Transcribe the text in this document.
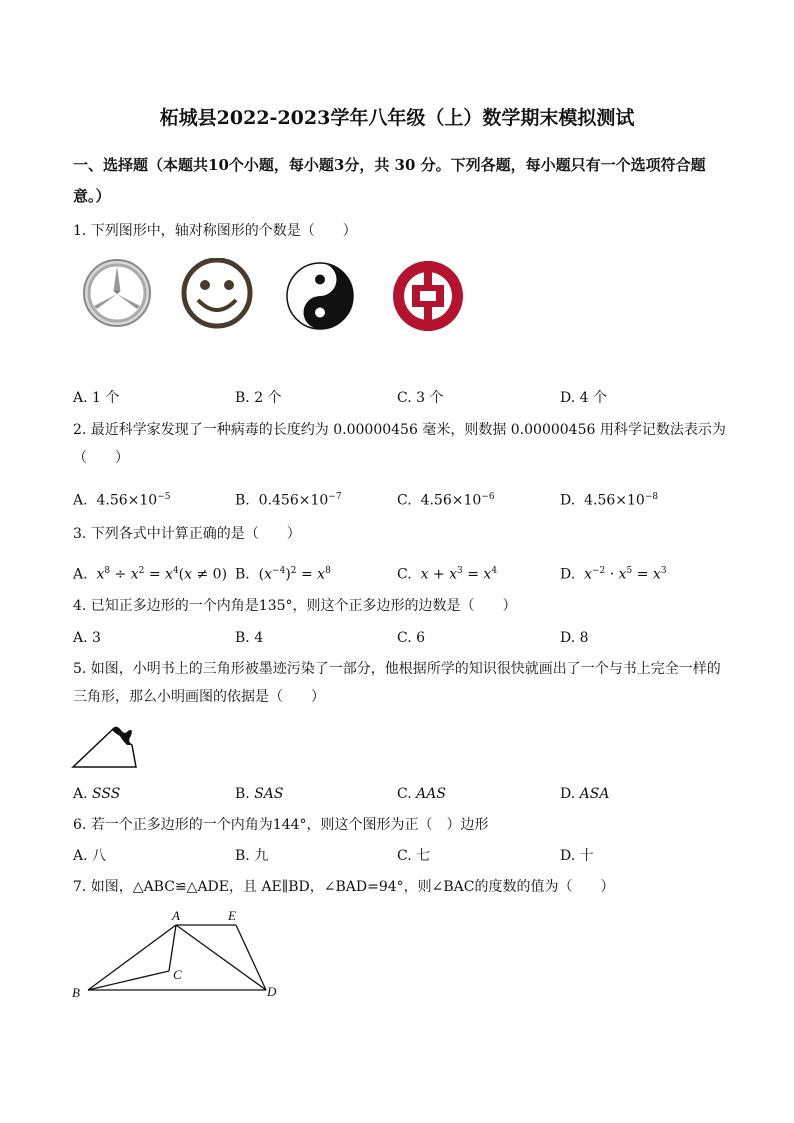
柘城县2022-2023学年八年级（上）数学期末模拟测试
一、选择题（本题共10个小题，每小题3分，共 30 分。下列各题，每小题只有一个选项符合题意。）
1. 下列图形中，轴对称图形的个数是（　　）
A. 1 个	B. 2 个	C. 3 个	D. 4 个
2. 最近科学家发现了一种病毒的长度约为 0.00000456 毫米，则数据 0.00000456 用科学记数法表示为（　　）
A. $4.56\times 10^{-5}$	B. $0.456\times 10^{-7}$	C. $4.56\times 10^{-6}$	D. $4.56\times 10^{-8}$
3. 下列各式中计算正确的是（　　）
A. $x^8 \div x^2 = x^4(x \ne 0)$ B.  $(x^{-4})^2 = x^8$	C. $x + x^3 = x^4$	D. $x^{-2} \cdot x^5 = x^3$
4. 已知正多边形的一个内角是135°，则这个正多边形的边数是（　　）
A. 3	B. 4	C. 6	D. 8
5. 如图，小明书上的三角形被墨迹污染了一部分，他根据所学的知识很快就画出了一个与书上完全一样的三角形，那么小明画图的依据是（　　）
A. SSS	B. SAS	C. AAS	D. ASA
6. 若一个正多边形的一个内角为144°，则这个图形为正（　）边形
A. 八	B. 九	C. 七	D. 十
7. 如图，△ABC≌△ADE，且 AE∥BD，∠BAD=94°，则∠BAC的度数的值为（　　）
A	E
C
B	D
